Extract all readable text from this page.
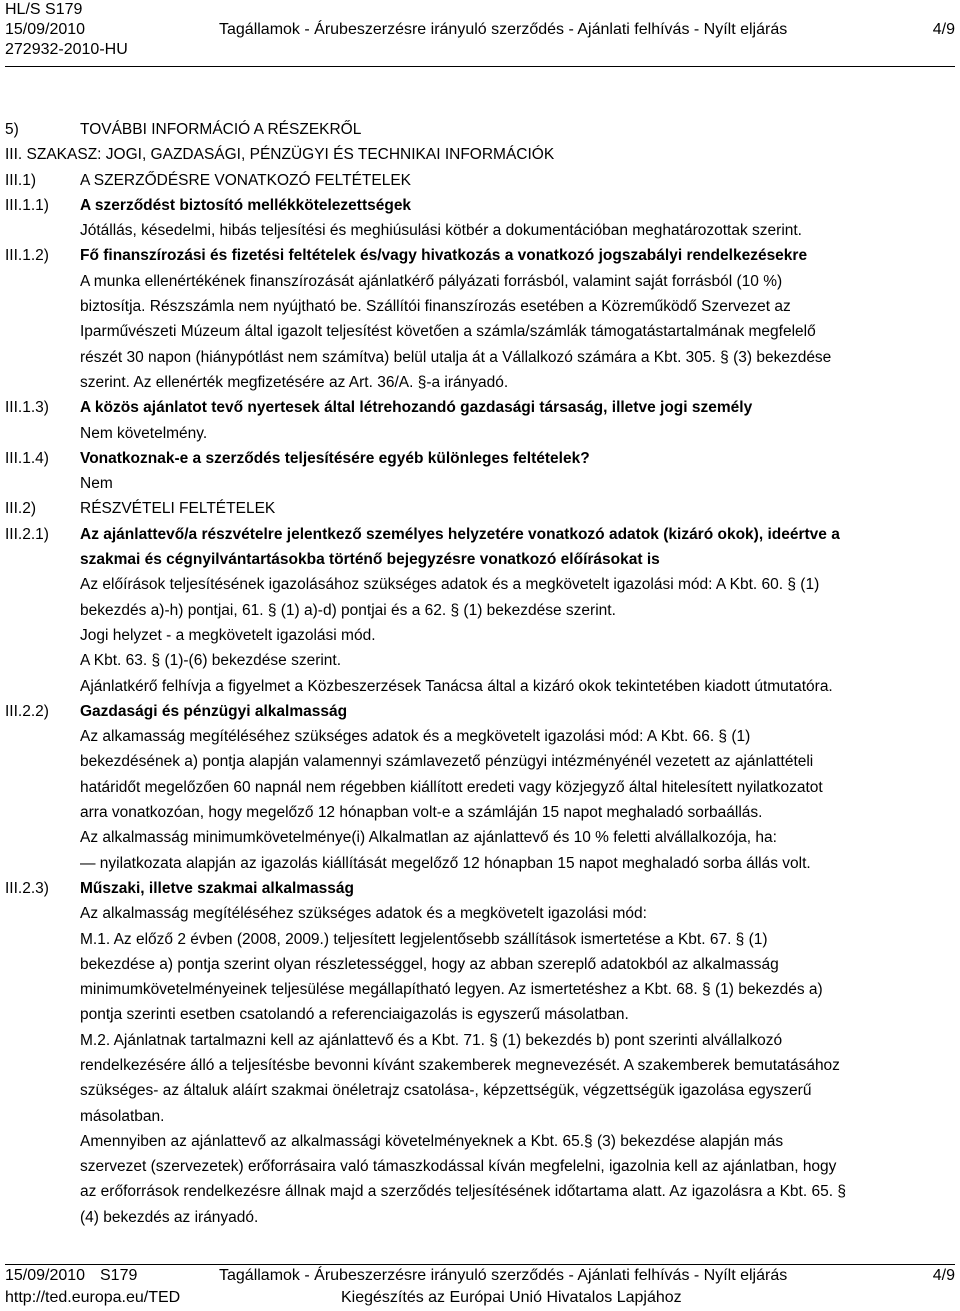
HL/S S179
15/09/2010	Tagállamok - Árubeszerzésre irányuló szerződés - Ajánlati felhívás - Nyílt eljárás	4/9
272932-2010-HU
5)	TOVÁBBI INFORMÁCIÓ A RÉSZEKRŐL
III. SZAKASZ: JOGI, GAZDASÁGI, PÉNZÜGYI ÉS TECHNIKAI INFORMÁCIÓK
III.1)	A SZERZŐDÉSRE VONATKOZÓ FELTÉTELEK
III.1.1) A szerződést biztosító mellékkötelezettségek
Jótállás, késedelmi, hibás teljesítési és meghiúsulási kötbér a dokumentációban meghatározottak szerint.
III.1.2) Fő finanszírozási és fizetési feltételek és/vagy hivatkozás a vonatkozó jogszabályi rendelkezésekre
A munka ellenértékének finanszírozását ajánlatkérő pályázati forrásból, valamint saját forrásból (10 %)
biztosítja. Részszámla nem nyújtható be. Szállítói finanszírozás esetében a Közreműködő Szervezet az
Iparművészeti Múzeum által igazolt teljesítést követően a számla/számlák támogatástartalmának megfelelő
részét 30 napon (hiánypótlást nem számítva) belül utalja át a Vállalkozó számára a Kbt. 305. § (3) bekezdése
szerint. Az ellenérték megfizetésére az Art. 36/A. §-a irányadó.
III.1.3) A közös ajánlatot tevő nyertesek által létrehozandó gazdasági társaság, illetve jogi személy
Nem követelmény.
III.1.4) Vonatkoznak-e a szerződés teljesítésére egyéb különleges feltételek?
Nem
III.2)	RÉSZVÉTELI FELTÉTELEK
III.2.1) Az ajánlattevő/a részvételre jelentkező személyes helyzetére vonatkozó adatok (kizáró okok), ideértve a
szakmai és cégnyilvántartásokba történő bejegyzésre vonatkozó előírásokat is
Az előírások teljesítésének igazolásához szükséges adatok és a megkövetelt igazolási mód: A Kbt. 60. § (1)
bekezdés a)-h) pontjai, 61. § (1) a)-d) pontjai és a 62. § (1) bekezdése szerint.
Jogi helyzet - a megkövetelt igazolási mód.
A Kbt. 63. § (1)-(6) bekezdése szerint.
Ajánlatkérő felhívja a figyelmet a Közbeszerzések Tanácsa által a kizáró okok tekintetében kiadott útmutatóra.
III.2.2) Gazdasági és pénzügyi alkalmasság
Az alkamasság megítéléséhez szükséges adatok és a megkövetelt igazolási mód: A Kbt. 66. § (1)
bekezdésének a) pontja alapján valamennyi számlavezető pénzügyi intézményénél vezetett az ajánlattételi
határidőt megelőzően 60 napnál nem régebben kiállított eredeti vagy közjegyző által hitelesített nyilatkozatot
arra vonatkozóan, hogy megelőző 12 hónapban volt-e a számláján 15 napot meghaladó sorbaállás.
Az alkalmasság minimumkövetelménye(i) Alkalmatlan az ajánlattevő és 10 % feletti alvállalkozója, ha:
— nyilatkozata alapján az igazolás kiállítását megelőző 12 hónapban 15 napot meghaladó sorba állás volt.
III.2.3) Műszaki, illetve szakmai alkalmasság
Az alkalmasság megítéléséhez szükséges adatok és a megkövetelt igazolási mód:
M.1. Az előző 2 évben (2008, 2009.) teljesített legjelentősebb szállítások ismertetése a Kbt. 67. § (1)
bekezdése a) pontja szerint olyan részletességgel, hogy az abban szereplő adatokból az alkalmasság
minimumkövetelményeinek teljesülése megállapítható legyen. Az ismertetéshez a Kbt. 68. § (1) bekezdés a)
pontja szerinti esetben csatolandó a referenciaigazolás is egyszerű másolatban.
M.2. Ajánlatnak tartalmazni kell az ajánlattevő és a Kbt. 71. § (1) bekezdés b) pont szerinti alvállalkozó
rendelkezésére álló a teljesítésbe bevonni kívánt szakemberek megnevezését. A szakemberek bemutatásához
szükséges- az általuk aláírt szakmai önéletrajz csatolása-, képzettségük, végzettségük igazolása egyszerű
másolatban.
Amennyiben az ajánlattevő az alkalmassági követelményeknek a Kbt. 65.§ (3) bekezdése alapján más
szervezet (szervezetek) erőforrásaira való támaszkodással kíván megfelelni, igazolnia kell az ajánlatban, hogy
az erőforrások rendelkezésre állnak majd a szerződés teljesítésének időtartama alatt. Az igazolásra a Kbt. 65. §
(4) bekezdés az irányadó.
15/09/2010 S179	Tagállamok - Árubeszerzésre irányuló szerződés - Ajánlati felhívás - Nyílt eljárás	4/9
http://ted.europa.eu/TED	Kiegészítés az Európai Unió Hivatalos Lapjához
